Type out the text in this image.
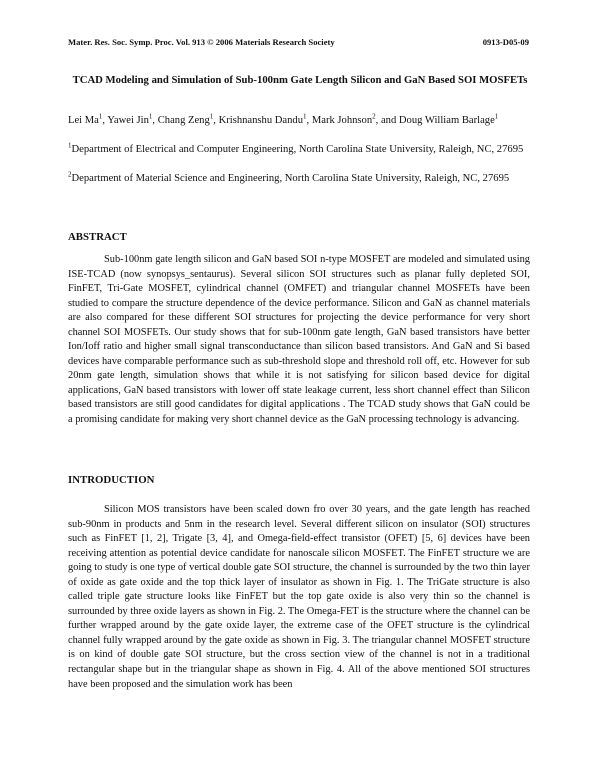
Mater. Res. Soc. Symp. Proc. Vol. 913 © 2006 Materials Research Society	0913-D05-09
TCAD Modeling and Simulation of Sub-100nm Gate Length Silicon and GaN Based SOI MOSFETs
Lei Ma$^1$, Yawei Jin$^1$, Chang Zeng$^1$, Krishnanshu Dandu$^1$, Mark Johnson$^2$, and Doug William Barlage$^1$
$^1$Department of Electrical and Computer Engineering, North Carolina State University, Raleigh, NC, 27695
$^2$Department of Material Science and Engineering, North Carolina State University, Raleigh, NC, 27695
ABSTRACT

Sub-100nm gate length silicon and GaN based SOI n-type MOSFET are modeled and simulated using ISE-TCAD (now synopsys_sentaurus). Several silicon SOI structures such as planar fully depleted SOI, FinFET, Tri-Gate MOSFET, cylindrical channel (OMFET) and triangular channel MOSFETs have been studied to compare the structure dependence of the device performance. Silicon and GaN as channel materials are also compared for these different SOI structures for projecting the device performance for very short channel SOI MOSFETs. Our study shows that for sub-100nm gate length, GaN based transistors have better Ion/Ioff ratio and higher small signal transconductance than silicon based transistors. And GaN and Si based devices have comparable performance such as sub-threshold slope and threshold roll off, etc. However for sub 20nm gate length, simulation shows that while it is not satisfying for silicon based device for digital applications, GaN based transistors with lower off state leakage current, less short channel effect than Silicon based transistors are still good candidates for digital applications . The TCAD study shows that GaN could be a promising candidate for making very short channel device as the GaN processing technology is advancing.

INTRODUCTION

Silicon MOS transistors have been scaled down fro over 30 years, and the gate length has reached sub-90nm in products and 5nm in the research level. Several different silicon on insulator (SOI) structures such as FinFET [1, 2], Trigate [3, 4], and Omega-field-effect transistor (OFET) [5, 6] devices have been receiving attention as potential device candidate for nanoscale silicon MOSFET. The FinFET structure we are going to study is one type of vertical double gate SOI structure, the channel is surrounded by the two thin layer of oxide as gate oxide and the top thick layer of insulator as shown in Fig. 1. The TriGate structure is also called triple gate structure looks like FinFET but the top gate oxide is also very thin so the channel is surrounded by three oxide layers as shown in Fig. 2. The Omega-FET is the structure where the channel can be further wrapped around by the gate oxide layer, the extreme case of the OFET structure is the cylindrical channel fully wrapped around by the gate oxide as shown in Fig. 3. The triangular channel MOSFET structure is on kind of double gate SOI structure, but the cross section view of the channel is not in a traditional rectangular shape but in the triangular shape as shown in Fig. 4. All of the above mentioned SOI structures have been proposed and the simulation work has been
